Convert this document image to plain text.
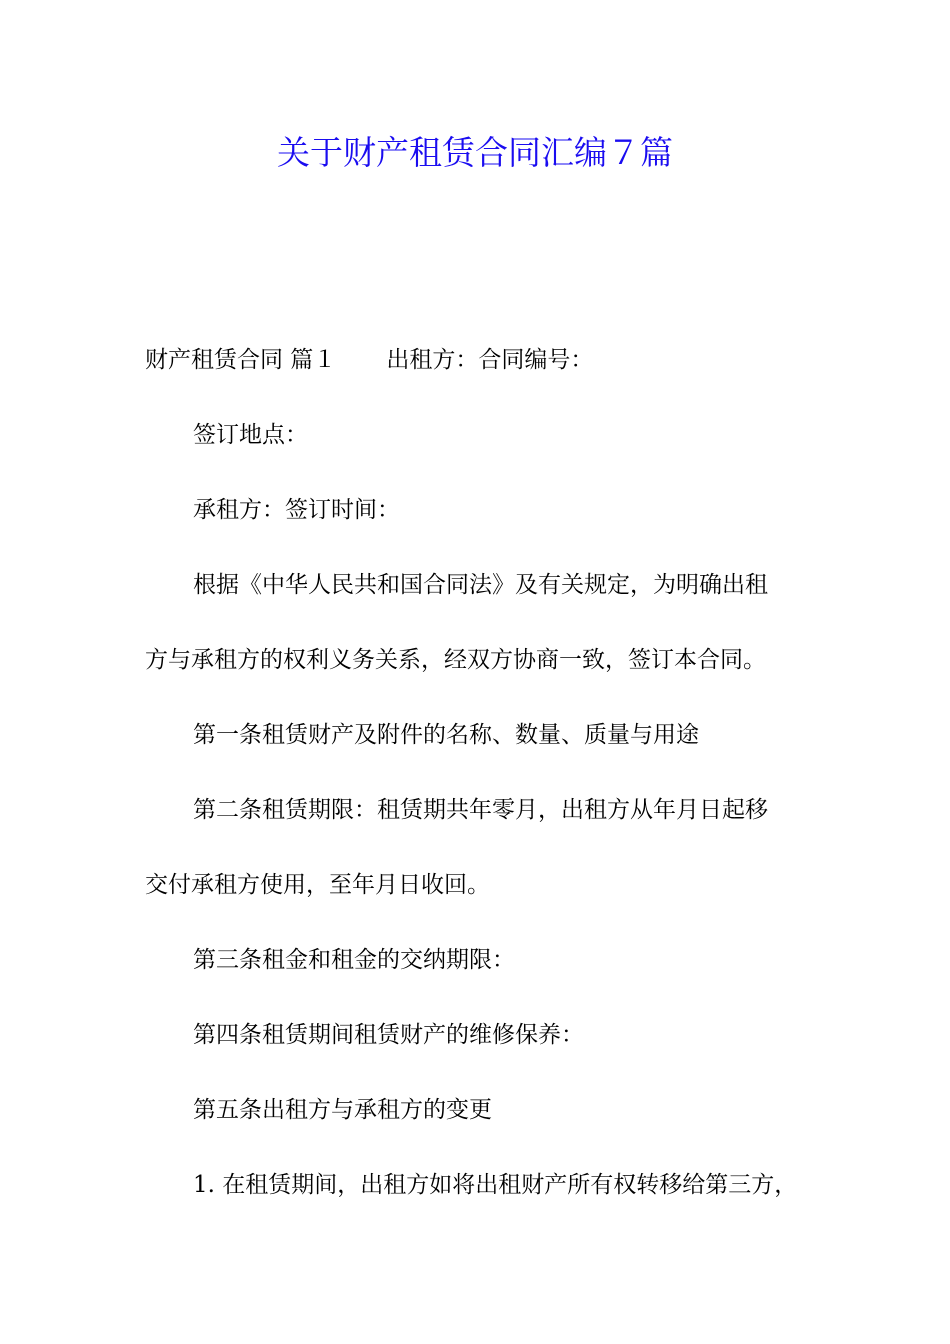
关于财产租赁合同汇编７篇
财产租赁合同 篇１ 出租方：合同编号：
签订地点：
承租方：签订时间：
根据《中华人民共和国合同法》及有关规定，为明确出租
方与承租方的权利义务关系，经双方协商一致，签订本合同。
第一条租赁财产及附件的名称、数量、质量与用途
第二条租赁期限：租赁期共年零月，出租方从年月日起移
交付承租方使用，至年月日收回。
第三条租金和租金的交纳期限：
第四条租赁期间租赁财产的维修保养：
第五条出租方与承租方的变更
1. 在租赁期间，出租方如将出租财产所有权转移给第三方，
